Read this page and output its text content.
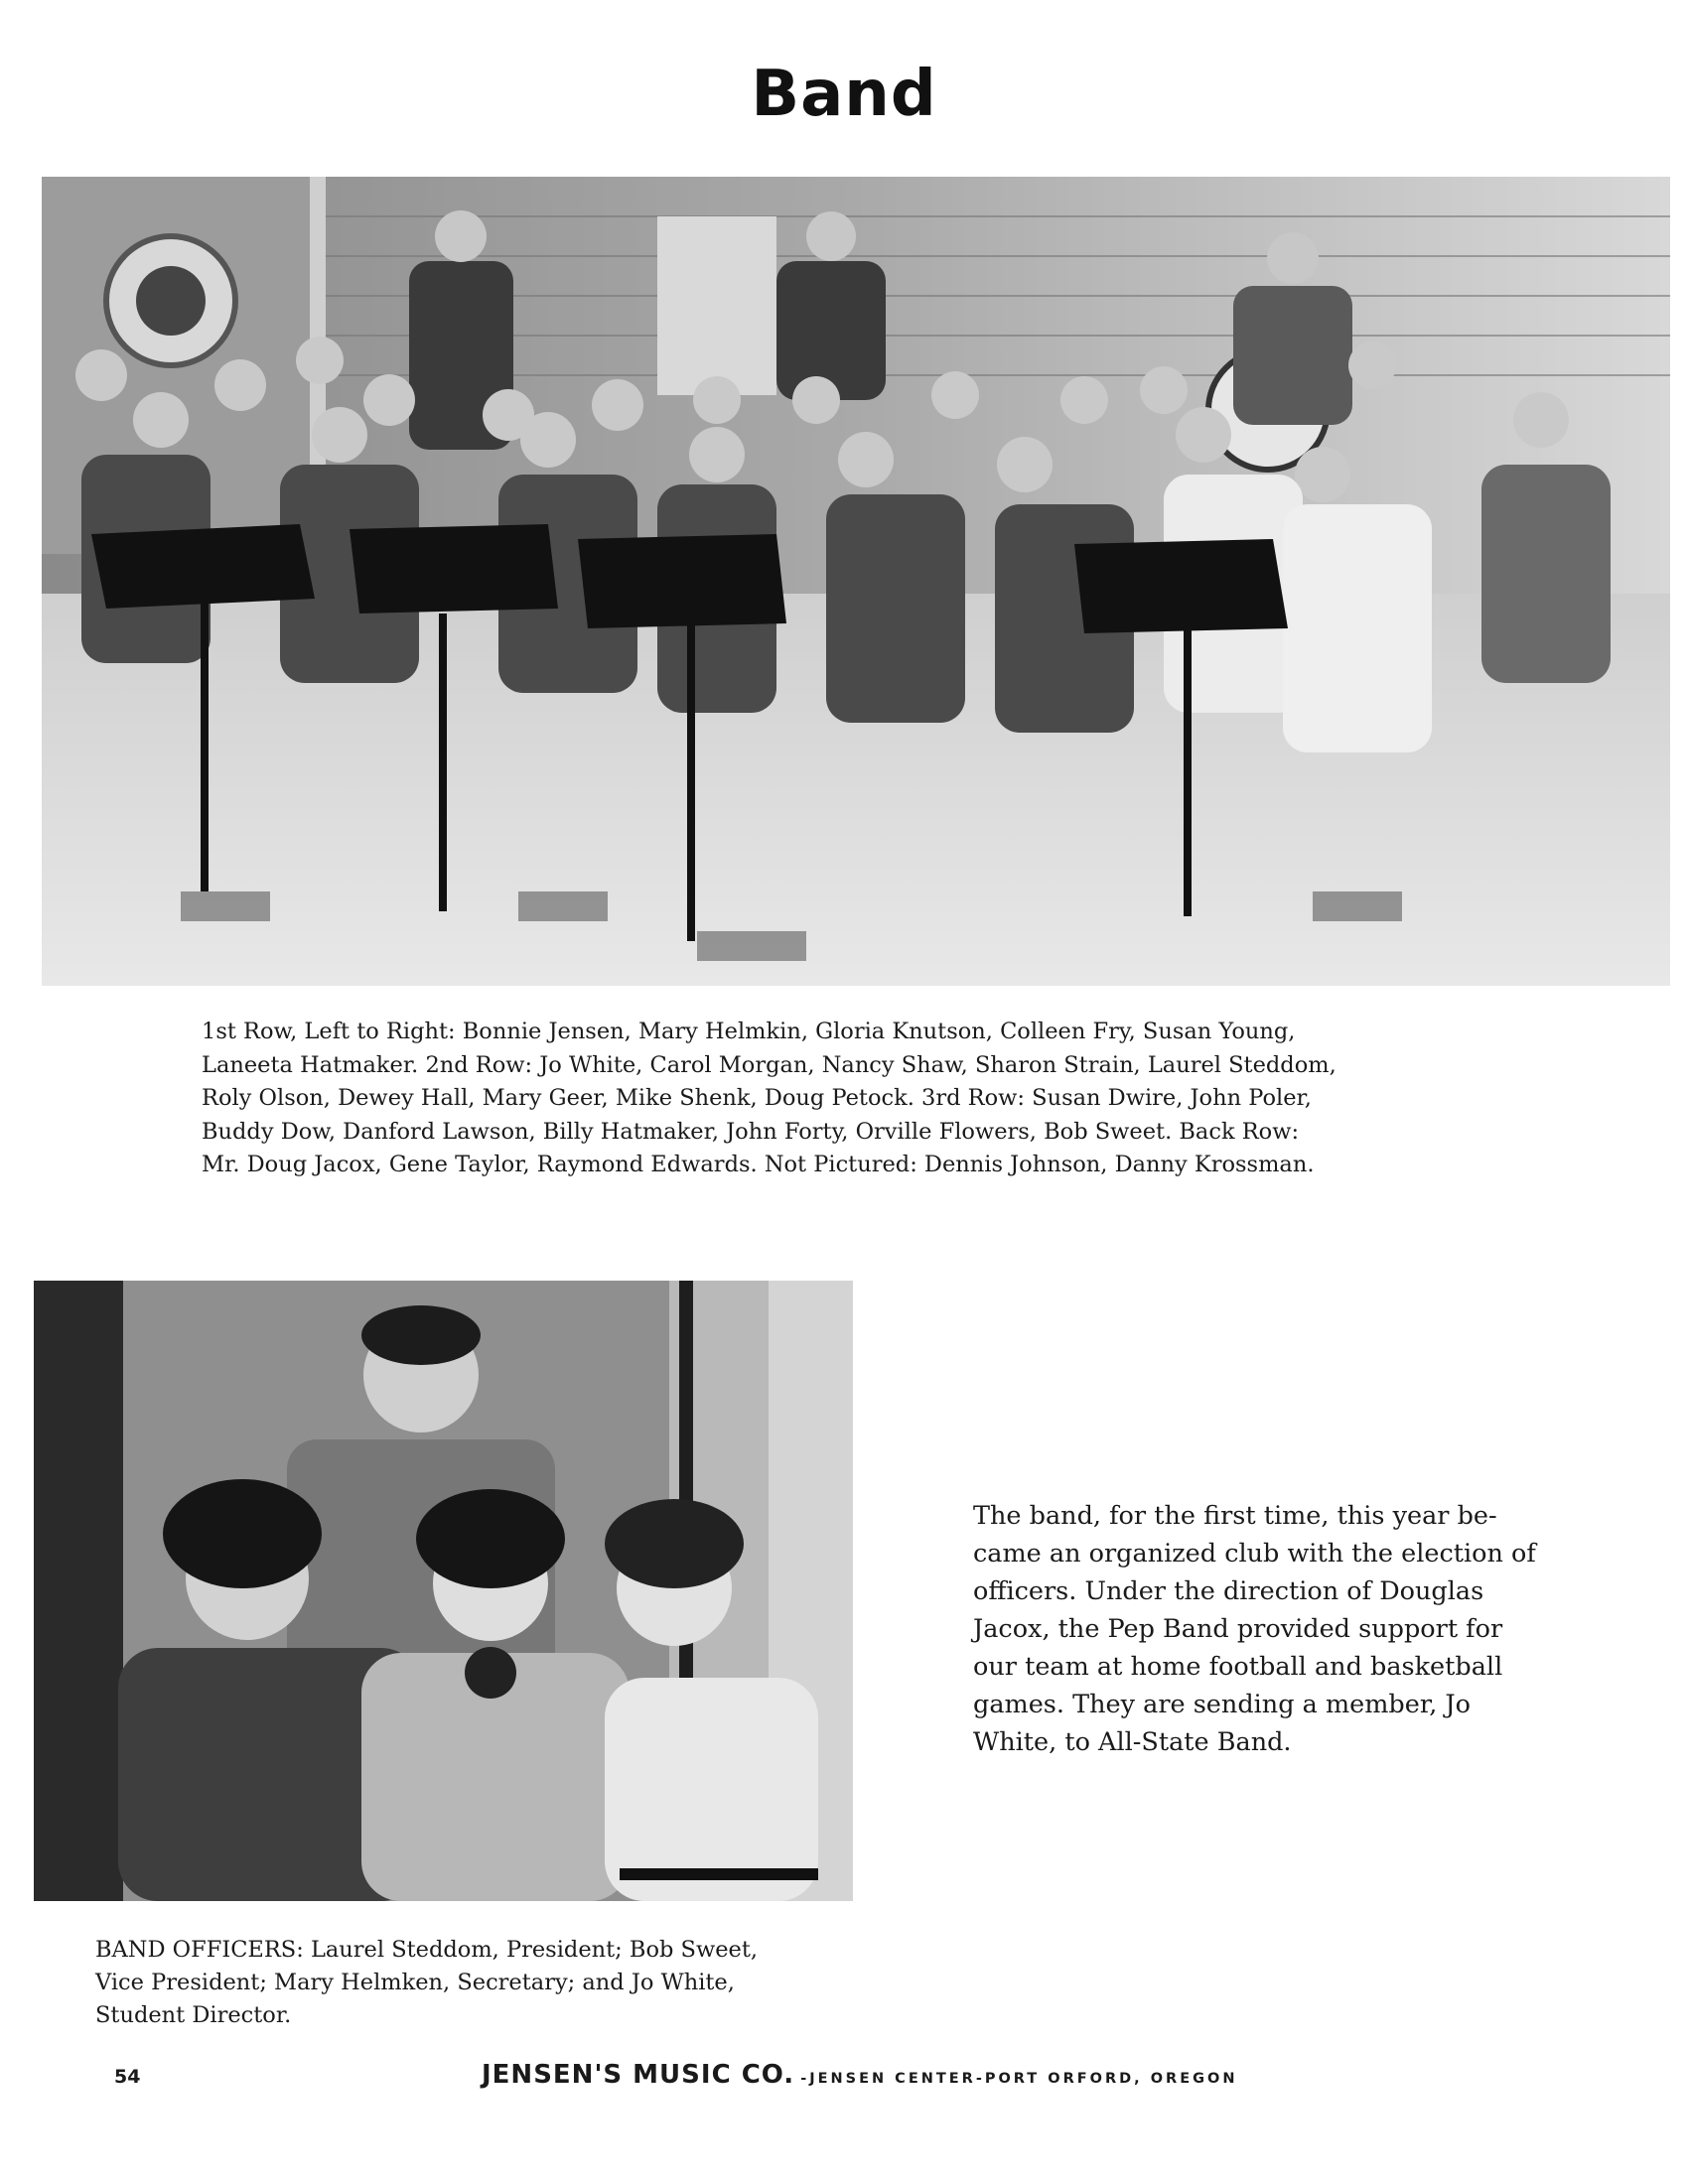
Band
1st Row, Left to Right: Bonnie Jensen, Mary Helmkin, Gloria Knutson, Colleen Fry, Susan Young,
Laneeta Hatmaker. 2nd Row: Jo White, Carol Morgan, Nancy Shaw, Sharon Strain, Laurel Steddom,
Roly Olson, Dewey Hall, Mary Geer, Mike Shenk, Doug Petock. 3rd Row: Susan Dwire, John Poler,
Buddy Dow, Danford Lawson, Billy Hatmaker, John Forty, Orville Flowers, Bob Sweet. Back Row:
Mr. Doug Jacox, Gene Taylor, Raymond Edwards. Not Pictured: Dennis Johnson, Danny Krossman.
The band, for the first time, this year be-
came an organized club with the election of
officers. Under the direction of Douglas
Jacox, the Pep Band provided support for
our team at home football and basketball
games. They are sending a member, Jo
White, to All-State Band.
BAND OFFICERS: Laurel Steddom, President; Bob Sweet,
Vice President; Mary Helmken, Secretary; and Jo White,
Student Director.
54	JENSEN'S MUSIC CO. -JENSEN CENTER-PORT ORFORD, OREGON
